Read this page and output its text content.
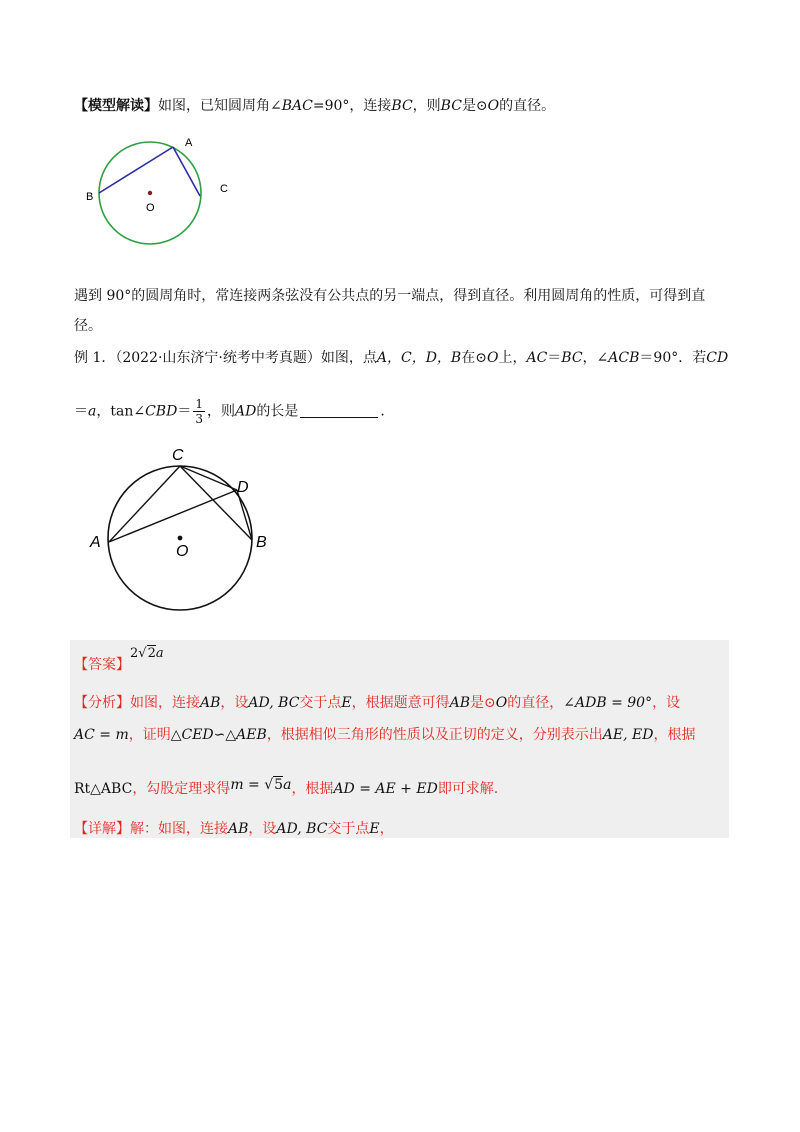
【模型解读】如图，已知圆周角∠BAC=90°，连接BC，则BC是⊙O的直径。
A
B
C
O
遇到 90°的圆周角时，常连接两条弦没有公共点的另一端点，得到直径。利用圆周角的性质，可得到直
径。
例 1．（2022·山东济宁·统考中考真题）如图，点A，C，D，B在⊙O上，AC＝BC，∠ACB＝90°．若CD
＝a，tan∠CBD＝ $\frac{1}{3}$ ，则AD的长是	.
C
D
A	B
O
【答案】2√2a
【分析】如图，连接AB，设AD, BC交于点E，根据题意可得AB是⊙O的直径，∠ADB = 90°，设
AC = m，证明△CED∽△AEB，根据相似三角形的性质以及正切的定义，分别表示出AE, ED，根据
Rt△ABC，勾股定理求得m = √5a，根据AD = AE + ED即可求解.
【详解】解：如图，连接AB，设AD, BC交于点E，
